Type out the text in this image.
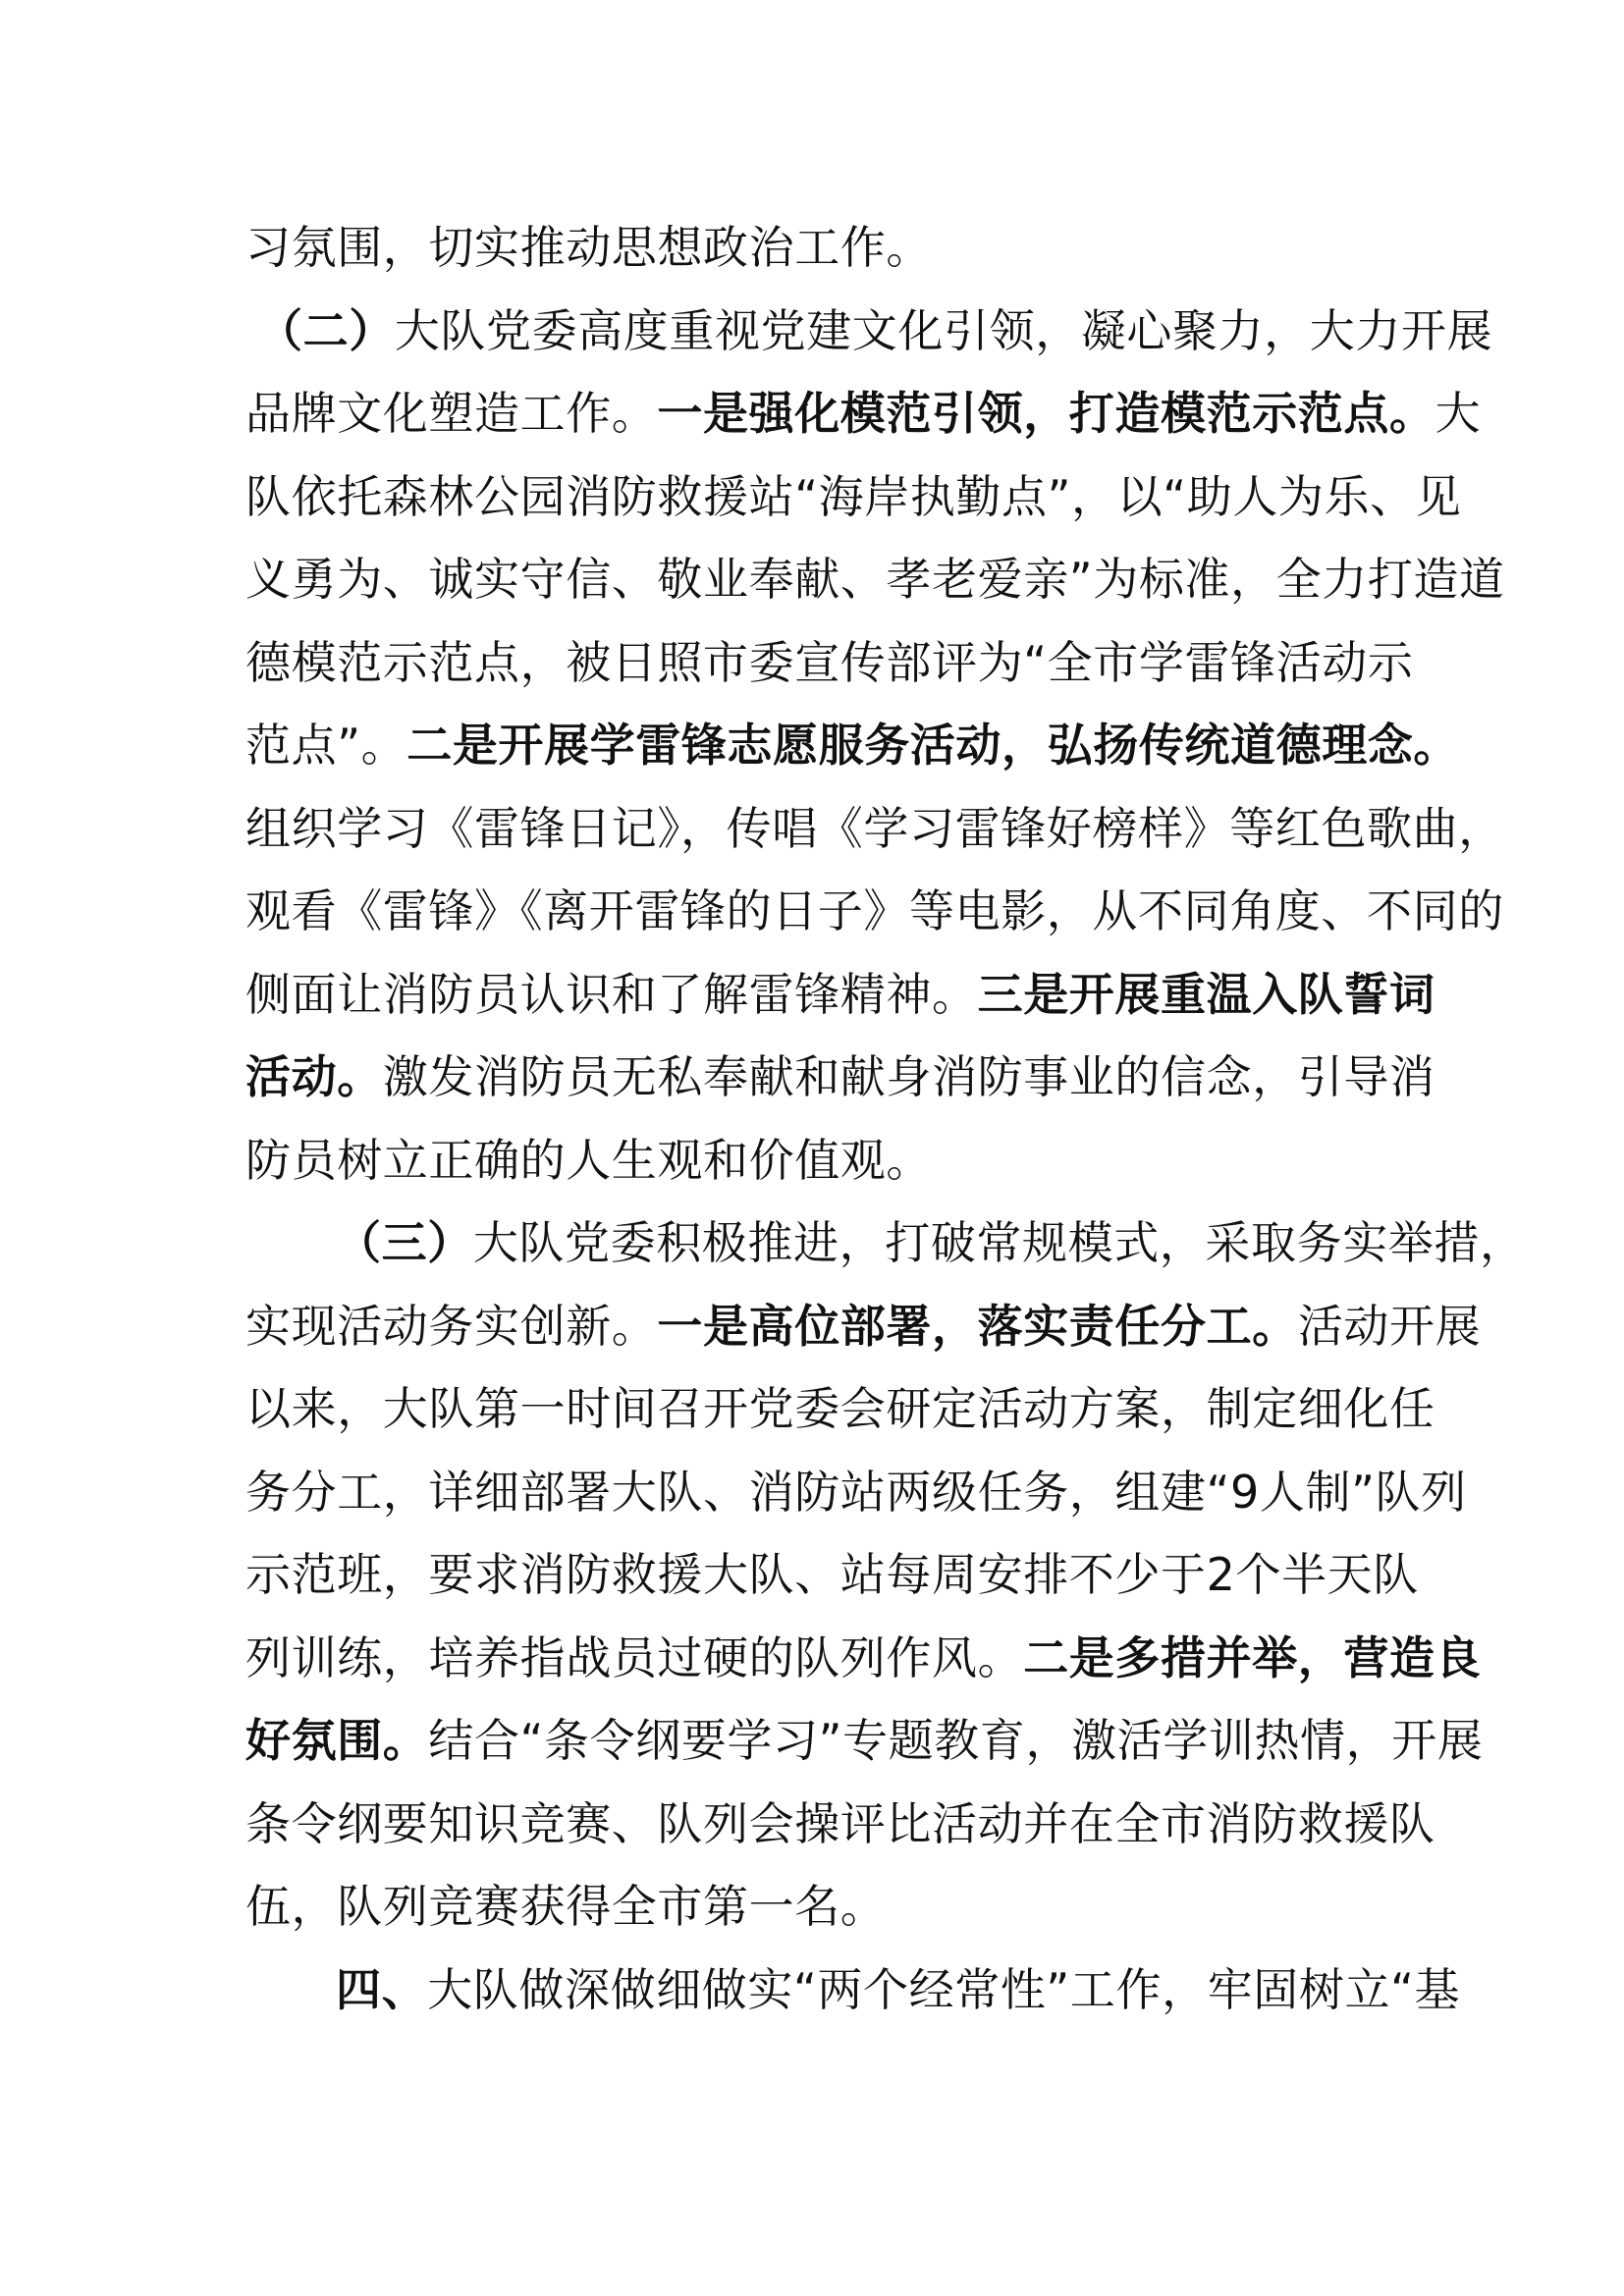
习氛围，切实推动思想政治工作。
（二）大队党委高度重视党建文化引领，凝心聚力，大力开展
品牌文化塑造工作。一是强化模范引领，打造模范示范点。大
队依托森林公园消防救援站“海岸执勤点”，以“助人为乐、见
义勇为、诚实守信、敬业奉献、孝老爱亲”为标准，全力打造道
德模范示范点，被日照市委宣传部评为“全市学雷锋活动示
范点”。二是开展学雷锋志愿服务活动，弘扬传统道德理念。
组织学习《雷锋日记》，传唱《学习雷锋好榜样》等红色歌曲，
观看《雷锋》《离开雷锋的日子》等电影，从不同角度、不同的
侧面让消防员认识和了解雷锋精神。三是开展重温入队誓词
活动。激发消防员无私奉献和献身消防事业的信念，引导消
防员树立正确的人生观和价值观。
（三）大队党委积极推进，打破常规模式，采取务实举措，
实现活动务实创新。一是高位部署，落实责任分工。活动开展
以来，大队第一时间召开党委会研定活动方案，制定细化任
务分工，详细部署大队、消防站两级任务，组建“9人制”队列
示范班，要求消防救援大队、站每周安排不少于2个半天队
列训练，培养指战员过硬的队列作风。二是多措并举，营造良
好氛围。结合“条令纲要学习”专题教育，激活学训热情，开展
条令纲要知识竞赛、队列会操评比活动并在全市消防救援队
伍，队列竞赛获得全市第一名。
四、大队做深做细做实“两个经常性”工作，牢固树立“基
